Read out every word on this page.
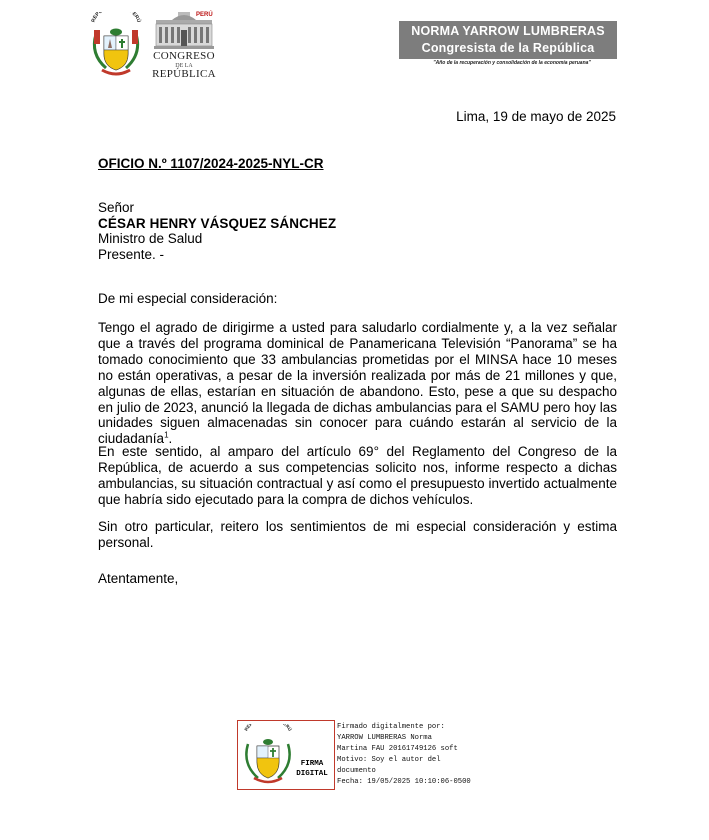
REP ERÚ
PERÚ
CONGRESO
DE LA
REPÚBLICA
NORMA YARROW LUMBRERAS
Congresista de la República
"Año de la recuperación y consolidación de la economía peruana"
Lima, 19 de mayo de 2025
OFICIO N.º 1107/2024-2025-NYL-CR
Señor
CÉSAR HENRY VÁSQUEZ SÁNCHEZ
Ministro de Salud
Presente. -
De mi especial consideración:
Tengo el agrado de dirigirme a usted para saludarlo cordialmente y, a la vez señalar que a través del programa dominical de Panamericana Televisión “Panorama” se ha tomado conocimiento que 33 ambulancias prometidas por el MINSA hace 10 meses no están operativas, a pesar de la inversión realizada por más de 21 millones y que, algunas de ellas, estarían en situación de abandono. Esto, pese a que su despacho en julio de 2023, anunció la llegada de dichas ambulancias para el SAMU pero hoy las unidades siguen almacenadas sin conocer para cuándo estarán al servicio de la ciudadanía$^1$.
En este sentido, al amparo del artículo 69° del Reglamento del Congreso de la República, de acuerdo a sus competencias solicito nos, informe respecto a dichas ambulancias, su situación contractual y así como el presupuesto invertido actualmente que habría sido ejecutado para la compra de dichos vehículos.
Sin otro particular, reitero los sentimientos de mi especial consideración y estima personal.
Atentamente,
REP RÚ
FIRMA
DIGITAL
Firmado digitalmente por:
YARROW LUMBRERAS Norma
Martina FAU 20161749126 soft
Motivo: Soy el autor del
documento
Fecha: 19/05/2025 10:10:06-0500
